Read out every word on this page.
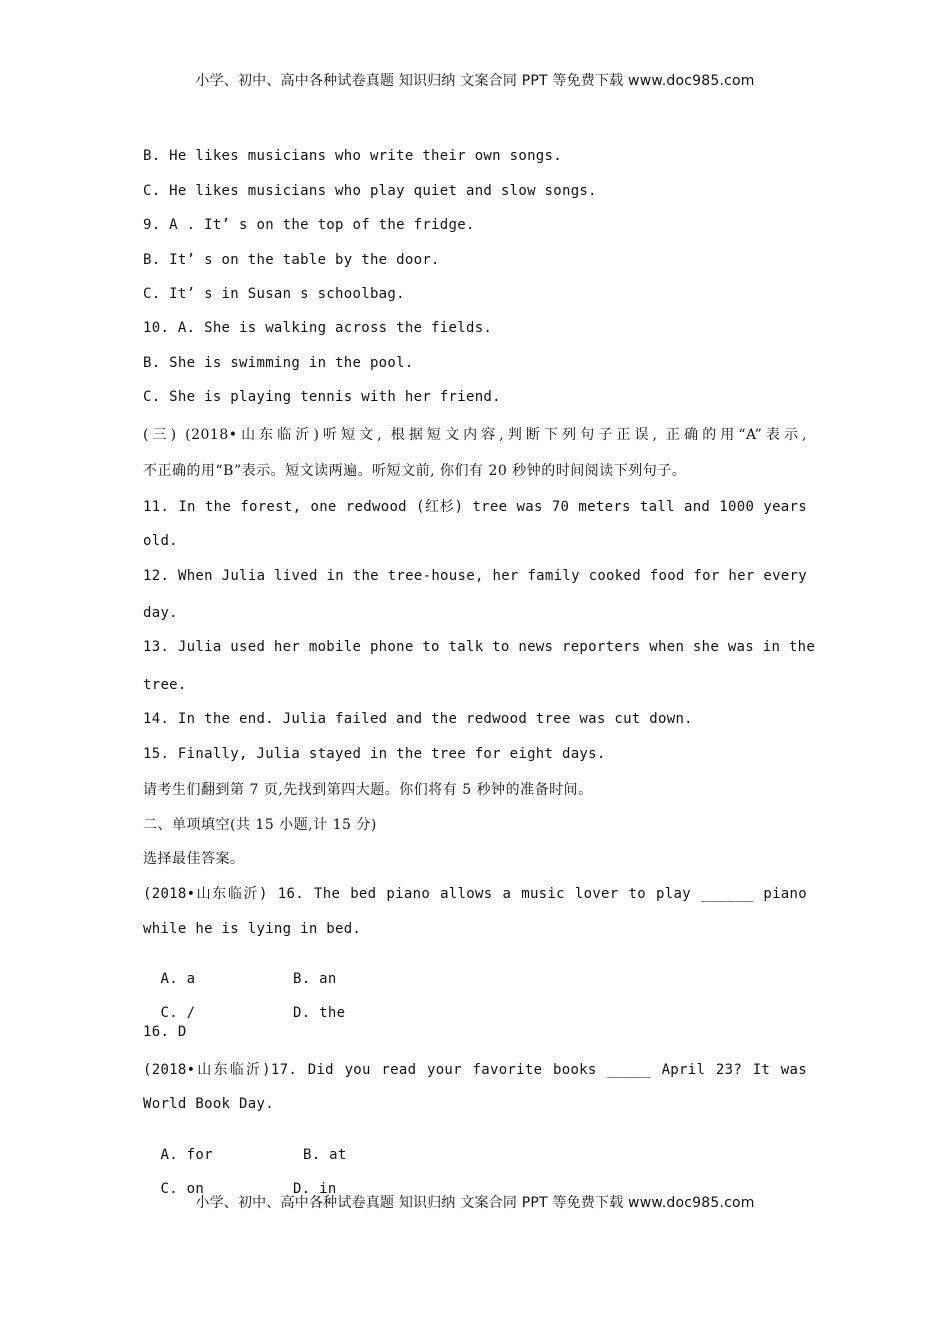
小学、初中、高中各种试卷真题 知识归纳 文案合同 PPT 等免费下载 www.doc985.com
B. He likes musicians who write their own songs.
C. He likes musicians who play quiet and slow songs.
9. A . It’ s on the top of the fridge.
B. It’ s on the table by the door.
C. It’ s in Susan s schoolbag.
10. A. She is walking across the fields.
B. She is swimming in the pool.
C. She is playing tennis with her friend.
(三) (2018•山东临沂)听短文, 根据短文内容,判断下列句子正误, 正确的用“A”表示,
不正确的用“B”表示。短文读两遍。听短文前, 你们有 20 秒钟的时间阅读下列句子。
11. In the forest, one redwood (红杉) tree was 70 meters tall and 1000 years
old.
12. When Julia lived in the tree-house, her family cooked food for her every
day.
13. Julia used her mobile phone to talk to news reporters when she was in the
tree.
14. In the end. Julia failed and the redwood tree was cut down.
15. Finally, Julia stayed in the tree for eight days.
请考生们翻到第 7 页,先找到第四大题。你们将有 5 秒钟的准备时间。
二、单项填空(共 15 小题,计 15 分)
选择最佳答案。
(2018•山东临沂) 16. The bed piano allows a music lover to play ______ piano
while he is lying in bed.

A. a	B. an

C. /	D. the

16. D
(2018•山东临沂)17. Did you read your favorite books _____ April 23? It was
World Book Day.

A. for	B. at

C. on	D. in

小学、初中、高中各种试卷真题 知识归纳 文案合同 PPT 等免费下载 www.doc985.com
